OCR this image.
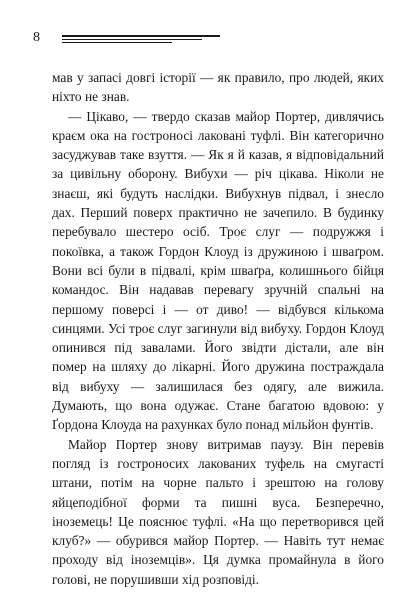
8

мав у запасі довгі історії — як правило, про людей, яких ніхто не знав.

— Цікаво, — твердо сказав майор Портер, дивлячись краєм ока на гостроносі лаковані туфлі. Він категорично засуджував таке взуття. — Як я й казав, я відповідальний за цивільну оборону. Вибухи — річ цікава. Ніколи не знаєш, які будуть наслідки. Вибухнув підвал, і знесло дах. Перший поверх практично не зачепило. В будинку перебувало шестеро осіб. Троє слуг — подружжя і покоївка, а також Гордон Клоуд із дружиною і шваґром. Вони всі були в підвалі, крім шваґра, колишнього бійця командос. Він надавав перевагу зручній спальні на першому поверсі і — от диво! — відбувся кількома синцями. Усі троє слуг загинули від вибуху. Гордон Клоуд опинився під завалами. Його звідти дістали, але він помер на шляху до лікарні. Його дружина постраждала від вибуху — залишилася без одягу, але вижила. Думають, що вона одужає. Стане багатою вдовою: у Ґордона Клоуда на рахунках було понад мільйон фунтів.

Майор Портер знову витримав паузу. Він перевів погляд із гостроносих лакованих туфель на смугасті штани, потім на чорне пальто і зрештою на голову яйцеподібної форми та пишні вуса. Безперечно, іноземець! Це пояснює туфлі. «На що перетворився цей клуб?» — обурився майор Портер. — Навіть тут немає проходу від іноземців». Ця думка промайнула в його голові, не порушивши хід розповіді.
